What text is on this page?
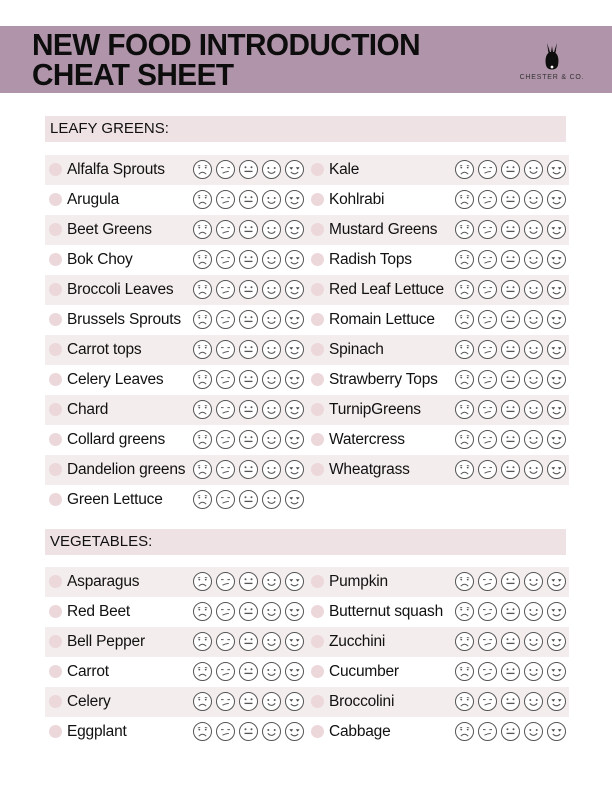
NEW FOOD INTRODUCTION
CHEAT SHEET	CHESTER & CO.
LEAFY GREENS:
Alfalfa Sprouts
Arugula
Beet Greens
Bok Choy
Broccoli Leaves
Brussels Sprouts
Carrot tops
Celery Leaves
Chard
Collard greens
Dandelion greens
Green Lettuce
Kale
Kohlrabi
Mustard Greens
Radish Tops
Red Leaf Lettuce
Romain Lettuce
Spinach
Strawberry Tops
TurnipGreens
Watercress
Wheatgrass
VEGETABLES:
Asparagus
Red Beet
Bell Pepper
Carrot
Celery
Eggplant
Pumpkin
Butternut squash
Zucchini
Cucumber
Broccolini
Cabbage
